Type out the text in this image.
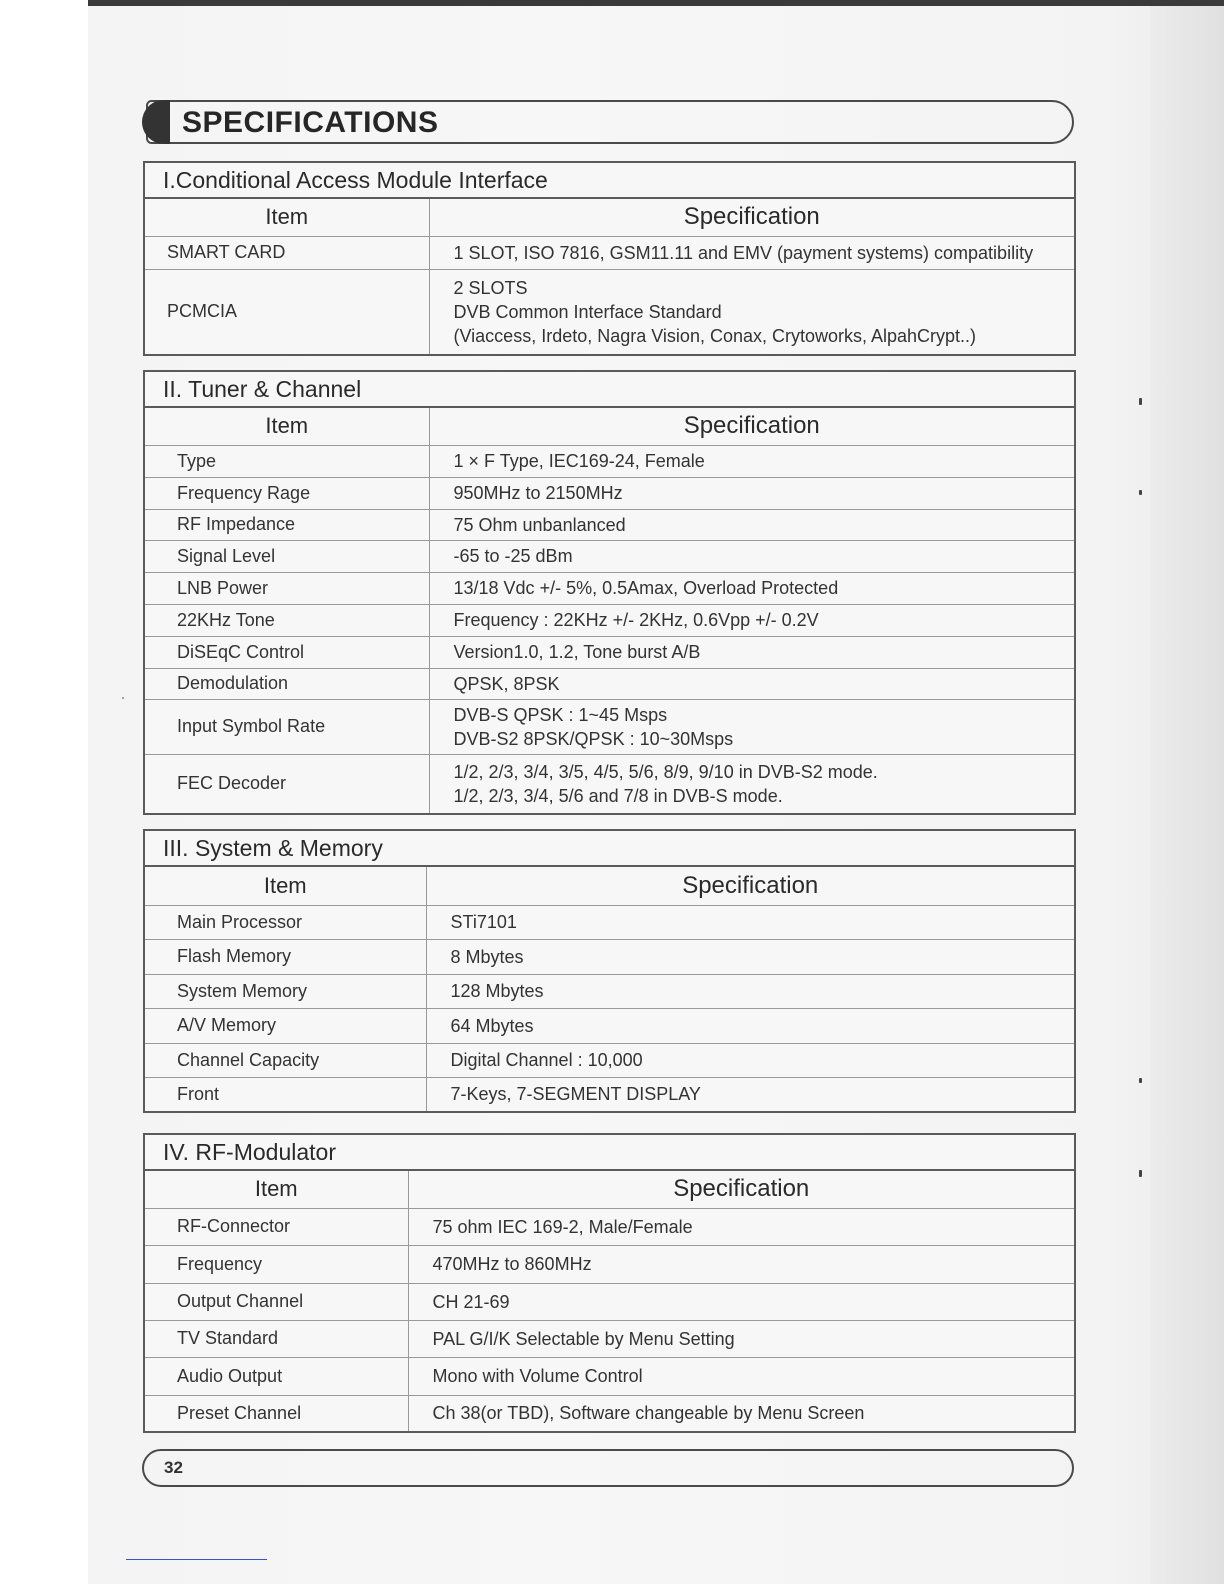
SPECIFICATIONS
I.Conditional Access Module Interface	
Item	Specification
SMART CARD	1 SLOT, ISO 7816, GSM11.11 and EMV (payment systems) compatibility

PCMCIA	2 SLOTS
DVB Common Interface Standard
(Viaccess, Irdeto, Nagra Vision, Conax, Crytoworks, AlpahCrypt..)
II. Tuner & Channel	
Item	Specification
Type	1 × F Type, IEC169-24, Female

Frequency Rage	950MHz to 2150MHz

RF Impedance	75 Ohm unbanlanced

Signal Level	-65 to -25 dBm

LNB Power	13/18 Vdc +/- 5%, 0.5Amax, Overload Protected

22KHz Tone	Frequency : 22KHz +/- 2KHz, 0.6Vpp +/- 0.2V

DiSEqC Control	Version1.0, 1.2, Tone burst A/B

Demodulation	QPSK, 8PSK

Input Symbol Rate	DVB-S QPSK : 1~45 Msps
DVB-S2 8PSK/QPSK : 10~30Msps

FEC Decoder	1/2, 2/3, 3/4, 3/5, 4/5, 5/6, 8/9, 9/10 in DVB-S2 mode.
1/2, 2/3, 3/4, 5/6 and 7/8 in DVB-S mode.
III. System & Memory	
Item	Specification
Main Processor	STi7101

Flash Memory	8 Mbytes

System Memory	128 Mbytes

A/V Memory	64 Mbytes

Channel Capacity	Digital Channel : 10,000

Front	7-Keys, 7-SEGMENT DISPLAY
IV. RF-Modulator	
Item	Specification
RF-Connector	75 ohm IEC 169-2, Male/Female

Frequency	470MHz to 860MHz

Output Channel	CH 21-69

TV Standard	PAL G/I/K Selectable by Menu Setting

Audio Output	Mono with Volume Control

Preset Channel	Ch 38(or TBD), Software changeable by Menu Screen
32
